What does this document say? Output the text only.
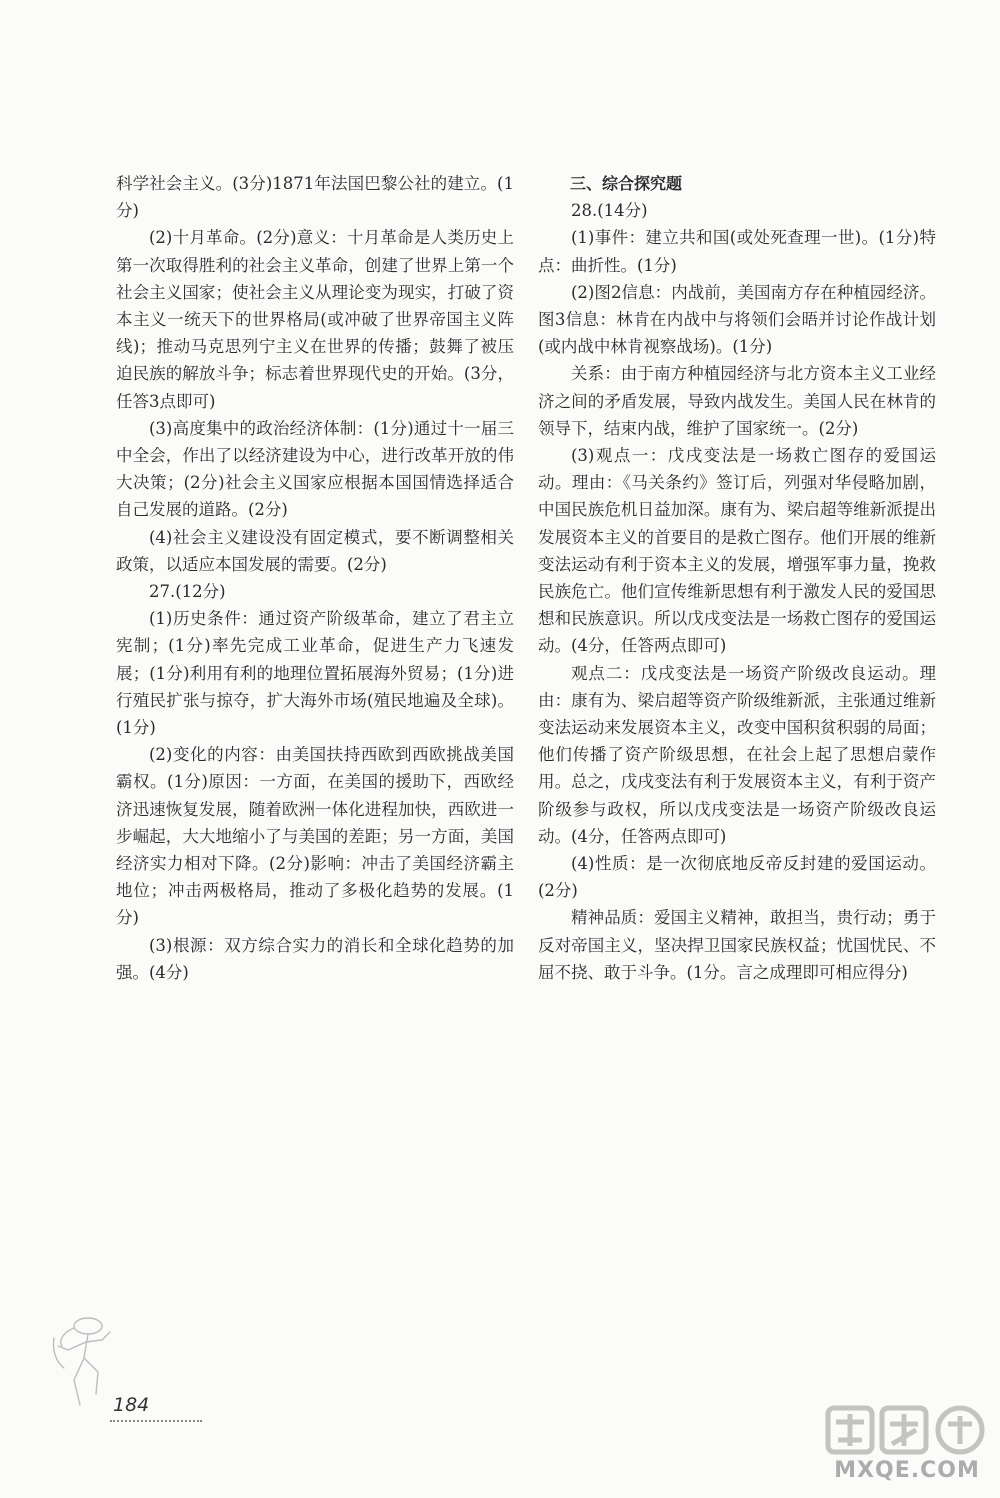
科学社会主义。(3分)1871年法国巴黎公社的建立。(1分)

(2)十月革命。(2分)意义：十月革命是人类历史上第一次取得胜利的社会主义革命，创建了世界上第一个社会主义国家；使社会主义从理论变为现实，打破了资本主义一统天下的世界格局(或冲破了世界帝国主义阵线)；推动马克思列宁主义在世界的传播；鼓舞了被压迫民族的解放斗争；标志着世界现代史的开始。(3分，任答3点即可)

(3)高度集中的政治经济体制：(1分)通过十一届三中全会，作出了以经济建设为中心，进行改革开放的伟大决策；(2分)社会主义国家应根据本国国情选择适合自己发展的道路。(2分)

(4)社会主义建设没有固定模式，要不断调整相关政策，以适应本国发展的需要。(2分)

27.(12分)

(1)历史条件：通过资产阶级革命，建立了君主立宪制；(1分)率先完成工业革命，促进生产力飞速发展；(1分)利用有利的地理位置拓展海外贸易；(1分)进行殖民扩张与掠夺，扩大海外市场(殖民地遍及全球)。(1分)

(2)变化的内容：由美国扶持西欧到西欧挑战美国霸权。(1分)原因：一方面，在美国的援助下，西欧经济迅速恢复发展，随着欧洲一体化进程加快，西欧进一步崛起，大大地缩小了与美国的差距；另一方面，美国经济实力相对下降。(2分)影响：冲击了美国经济霸主地位；冲击两极格局，推动了多极化趋势的发展。(1分)

(3)根源：双方综合实力的消长和全球化趋势的加强。(4分)

三、综合探究题

28.(14分)

(1)事件：建立共和国(或处死查理一世)。(1分)特点：曲折性。(1分)

(2)图2信息：内战前，美国南方存在种植园经济。图3信息：林肯在内战中与将领们会晤并讨论作战计划(或内战中林肯视察战场)。(1分)

关系：由于南方种植园经济与北方资本主义工业经济之间的矛盾发展，导致内战发生。美国人民在林肯的领导下，结束内战，维护了国家统一。(2分)

(3)观点一：戊戌变法是一场救亡图存的爱国运动。理由：《马关条约》签订后，列强对华侵略加剧，中国民族危机日益加深。康有为、梁启超等维新派提出发展资本主义的首要目的是救亡图存。他们开展的维新变法运动有利于资本主义的发展，增强军事力量，挽救民族危亡。他们宣传维新思想有利于激发人民的爱国思想和民族意识。所以戊戌变法是一场救亡图存的爱国运动。(4分，任答两点即可)

观点二：戊戌变法是一场资产阶级改良运动。理由：康有为、梁启超等资产阶级维新派，主张通过维新变法运动来发展资本主义，改变中国积贫积弱的局面；他们传播了资产阶级思想，在社会上起了思想启蒙作用。总之，戊戌变法有利于发展资本主义，有利于资产阶级参与政权，所以戊戌变法是一场资产阶级改良运动。(4分，任答两点即可)

(4)性质：是一次彻底地反帝反封建的爱国运动。(2分)

精神品质：爱国主义精神，敢担当，贵行动；勇于反对帝国主义，坚决捍卫国家民族权益；忧国忧民、不屈不挠、敢于斗争。(1分。言之成理即可相应得分)

184
MXQE.COM
